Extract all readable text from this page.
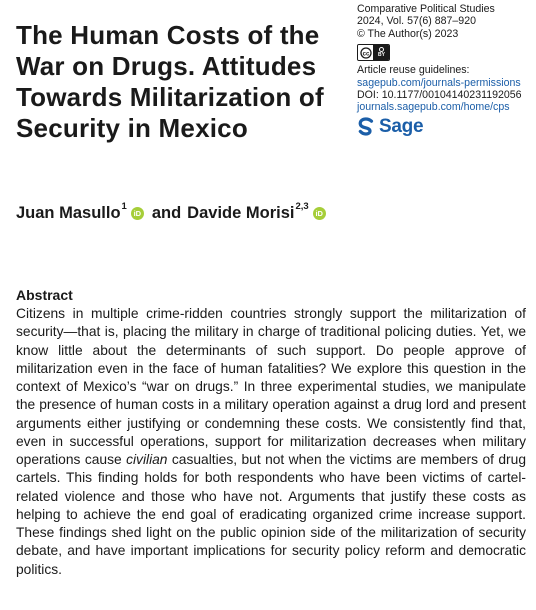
The Human Costs of the War on Drugs. Attitudes Towards Militarization of Security in Mexico
Comparative Political Studies
2024, Vol. 57(6) 887–920
© The Author(s) 2023
cc BY
Article reuse guidelines:
sagepub.com/journals-permissions
DOI: 10.1177/00104140231192056
journals.sagepub.com/home/cps
Sage
Juan Masullo$^1$
iD and Davide Morisi$^{2,3}$
iD
Abstract

Citizens in multiple crime-ridden countries strongly support the militarization of security—that is, placing the military in charge of traditional policing duties. Yet, we know little about the determinants of such support. Do people approve of militarization even in the face of human fatalities? We explore this question in the context of Mexico’s “war on drugs.” In three experimental studies, we manipulate the presence of human costs in a military operation against a drug lord and present arguments either justifying or condemning these costs. We consistently find that, even in successful operations, support for militarization decreases when military operations cause civilian casualties, but not when the victims are members of drug cartels. This finding holds for both respondents who have been victims of cartel-related violence and those who have not. Arguments that justify these costs as helping to achieve the end goal of eradicating organized crime increase support. These findings shed light on the public opinion side of the militarization of security debate, and have important implications for security policy reform and democratic politics.
